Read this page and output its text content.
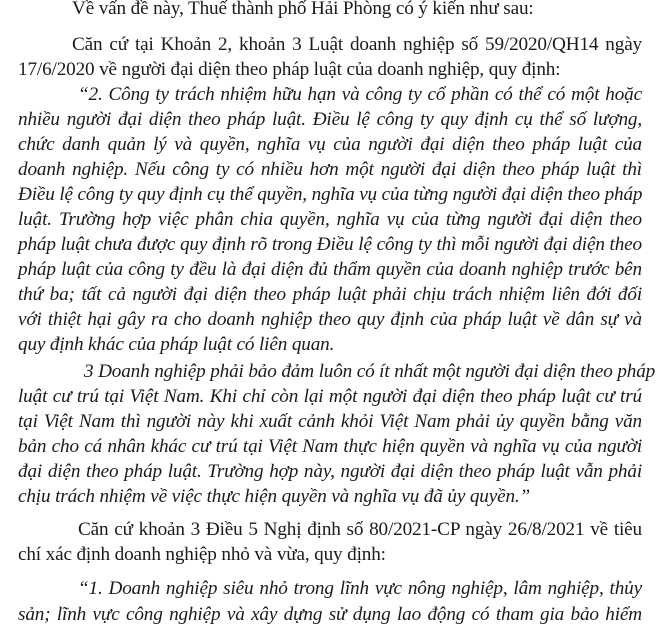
Về vấn đề này, Thuế thành phố Hải Phòng có ý kiến như sau:
Căn cứ tại Khoản 2, khoản 3 Luật doanh nghiệp số 59/2020/QH14 ngày
17/6/2020 về người đại diện theo pháp luật của doanh nghiệp, quy định:
“2. Công ty trách nhiệm hữu hạn và công ty cổ phần có thể có một hoặc
nhiều người đại diện theo pháp luật. Điều lệ công ty quy định cụ thể số lượng,
chức danh quản lý và quyền, nghĩa vụ của người đại diện theo pháp luật của
doanh nghiệp. Nếu công ty có nhiều hơn một người đại diện theo pháp luật thì
Điều lệ công ty quy định cụ thể quyền, nghĩa vụ của từng người đại diện theo pháp
luật. Trường hợp việc phân chia quyền, nghĩa vụ của từng người đại diện theo
pháp luật chưa được quy định rõ trong Điều lệ công ty thì mỗi người đại diện theo
pháp luật của công ty đều là đại diện đủ thẩm quyền của doanh nghiệp trước bên
thứ ba; tất cả người đại diện theo pháp luật phải chịu trách nhiệm liên đới đối
với thiệt hại gây ra cho doanh nghiệp theo quy định của pháp luật về dân sự và
quy định khác của pháp luật có liên quan.
3 Doanh nghiệp phải bảo đảm luôn có ít nhất một người đại diện theo pháp
luật cư trú tại Việt Nam. Khi chỉ còn lại một người đại diện theo pháp luật cư trú
tại Việt Nam thì người này khi xuất cảnh khỏi Việt Nam phải ủy quyền bằng văn
bản cho cá nhân khác cư trú tại Việt Nam thực hiện quyền và nghĩa vụ của người
đại diện theo pháp luật. Trường hợp này, người đại diện theo pháp luật vẫn phải
chịu trách nhiệm về việc thực hiện quyền và nghĩa vụ đã ủy quyền.”
Căn cứ khoản 3 Điều 5 Nghị định số 80/2021-CP ngày 26/8/2021 về tiêu
chí xác định doanh nghiệp nhỏ và vừa, quy định:
“1. Doanh nghiệp siêu nhỏ trong lĩnh vực nông nghiệp, lâm nghiệp, thủy
sản; lĩnh vực công nghiệp và xây dựng sử dụng lao động có tham gia bảo hiểm
